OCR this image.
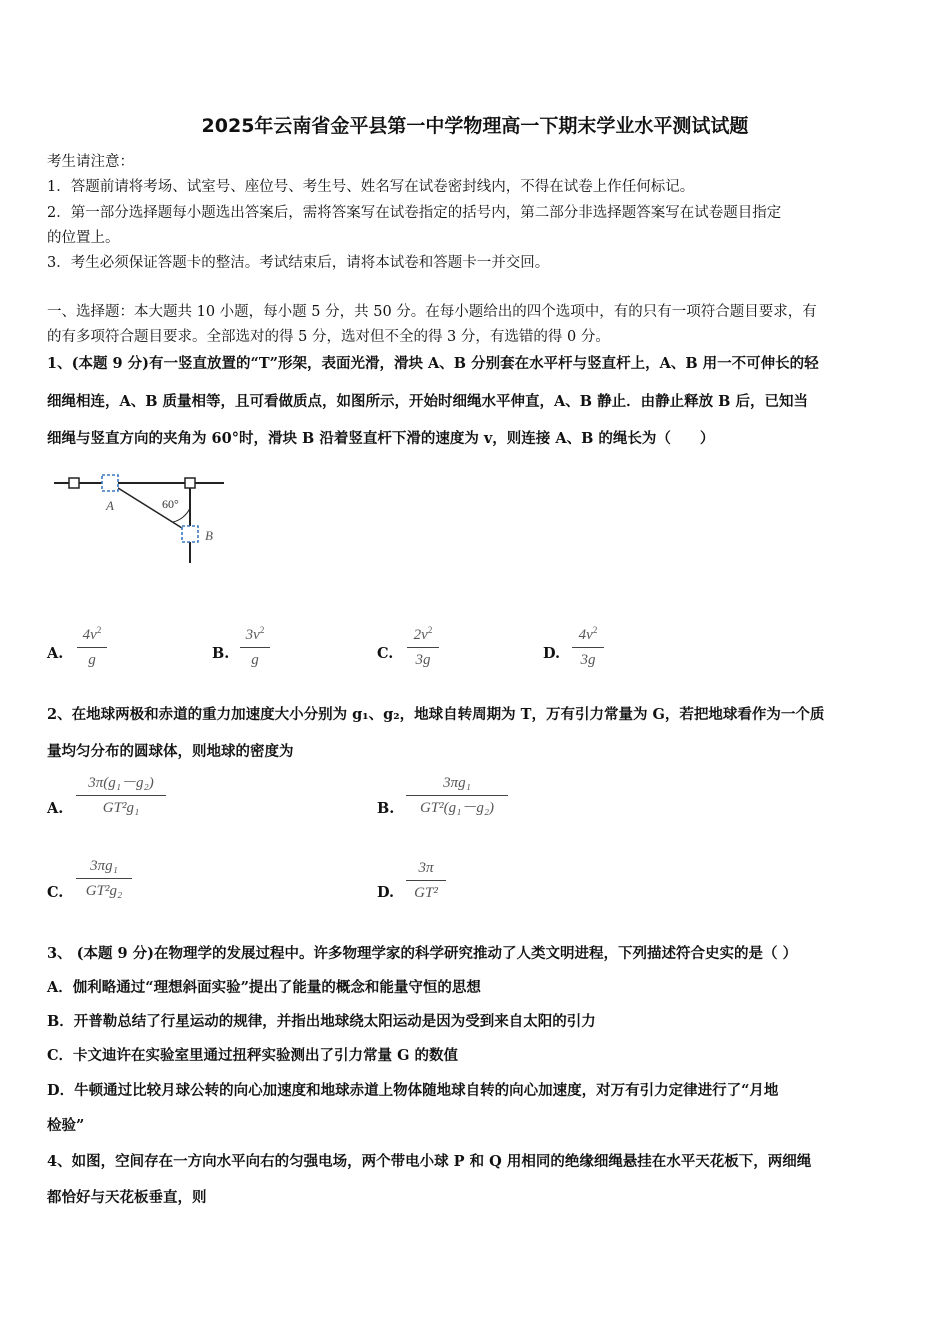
2025年云南省金平县第一中学物理高一下期末学业水平测试试题
考生请注意：
1．答题前请将考场、试室号、座位号、考生号、姓名写在试卷密封线内，不得在试卷上作任何标记。
2．第一部分选择题每小题选出答案后，需将答案写在试卷指定的括号内，第二部分非选择题答案写在试卷题目指定
的位置上。
3．考生必须保证答题卡的整洁。考试结束后，请将本试卷和答题卡一并交回。
一、选择题：本大题共 10 小题，每小题 5 分，共 50 分。在每小题给出的四个选项中，有的只有一项符合题目要求，有
的有多项符合题目要求。全部选对的得 5 分，选对但不全的得 3 分，有选错的得 0 分。
1、(本题 9 分)有一竖直放置的“T”形架，表面光滑，滑块 A、B 分别套在水平杆与竖直杆上，A、B 用一不可伸长的轻
细绳相连，A、B 质量相等，且可看做质点，如图所示，开始时细绳水平伸直，A、B 静止．由静止释放 B 后，已知当
细绳与竖直方向的夹角为 60°时，滑块 B 沿着竖直杆下滑的速度为 v，则连接 A、B 的绳长为（　　）
A
B
60°
A.
$4v^2$
g	B.
$3v^2$
g	C.
$2v^2$
3g	D.
$4v^2$
3g
2、在地球两极和赤道的重力加速度大小分别为 g₁、g₂，地球自转周期为 T，万有引力常量为 G，若把地球看作为一个质
量均匀分布的圆球体，则地球的密度为
A.
3π(g₁－g₂)
GT²g₁	B.
3πg₁
GT²(g₁－g₂)
C.
3πg₁
GT²g₂	D.
3π
GT²
3、 (本题 9 分)在物理学的发展过程中。许多物理学家的科学研究推动了人类文明进程，下列描述符合史实的是（ ）
A．伽利略通过“理想斜面实验”提出了能量的概念和能量守恒的思想
B．开普勒总结了行星运动的规律，并指出地球绕太阳运动是因为受到来自太阳的引力
C．卡文迪许在实验室里通过扭秤实验测出了引力常量 G 的数值
D．牛顿通过比较月球公转的向心加速度和地球赤道上物体随地球自转的向心加速度，对万有引力定律进行了“月地
检验”
4、如图，空间存在一方向水平向右的匀强电场，两个带电小球 P 和 Q 用相同的绝缘细绳悬挂在水平天花板下，两细绳
都恰好与天花板垂直，则
